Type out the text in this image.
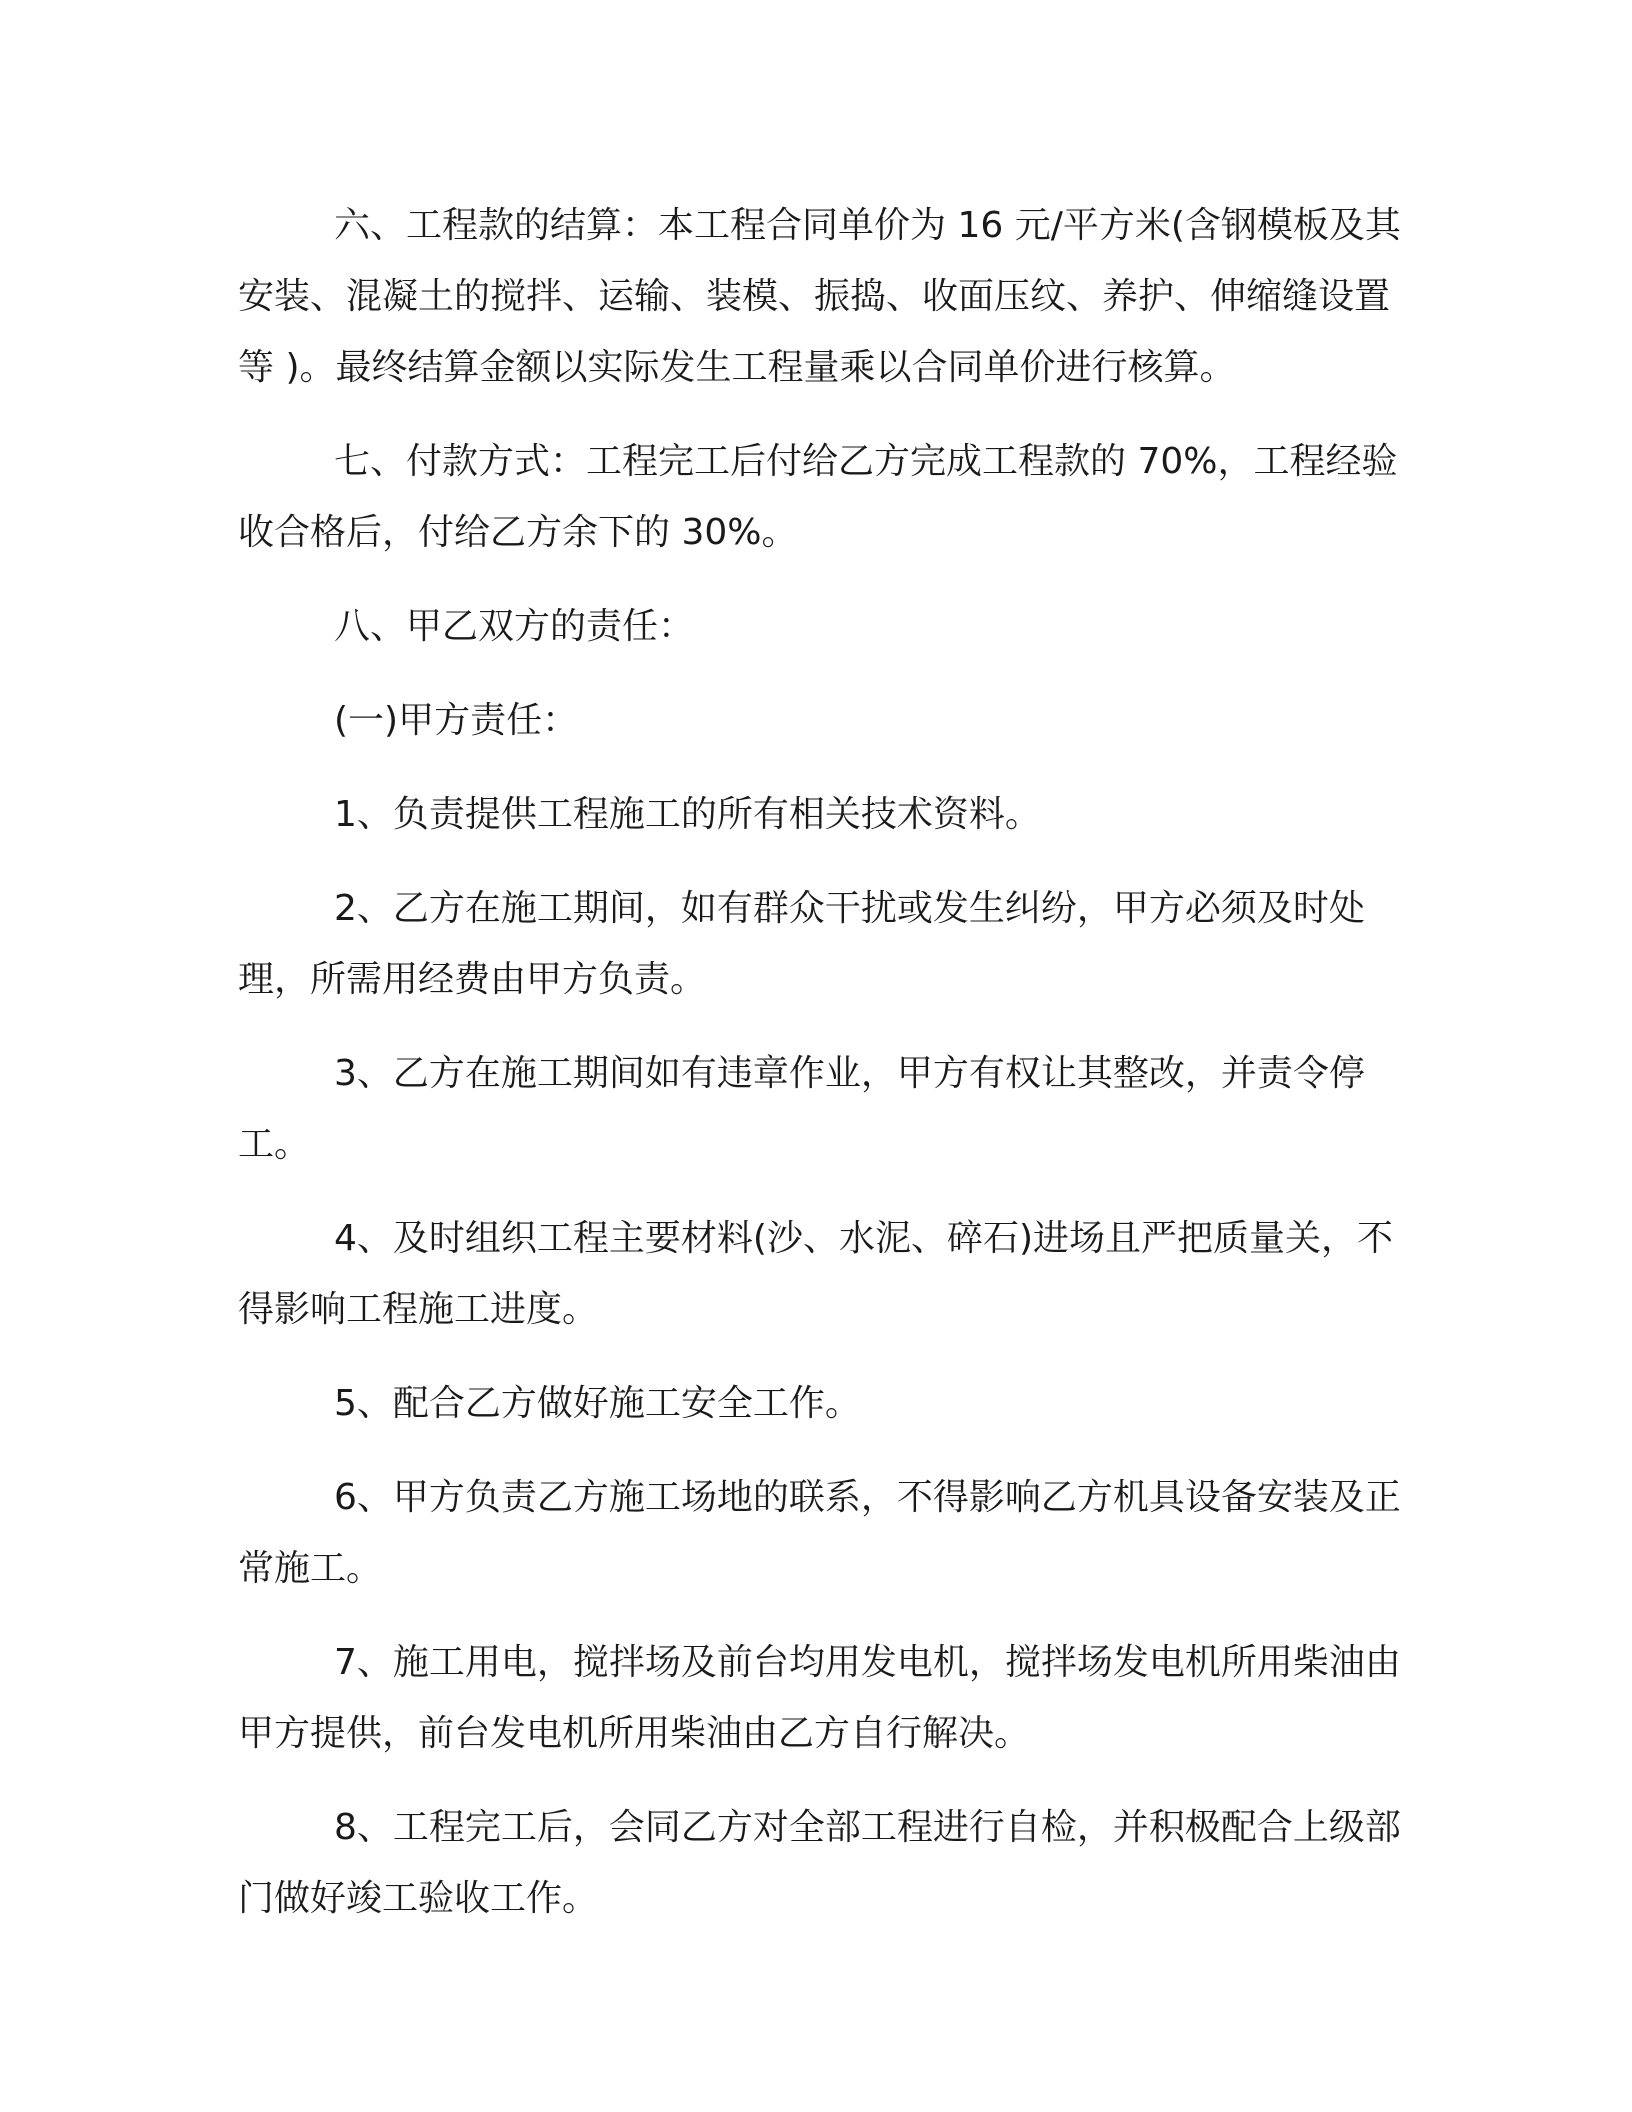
六、工程款的结算：本工程合同单价为 16 元/平方米(含钢模板及其安装、混凝土的搅拌、运输、装模、振捣、收面压纹、养护、伸缩缝设置等 )。最终结算金额以实际发生工程量乘以合同单价进行核算。

七、付款方式：工程完工后付给乙方完成工程款的 70%，工程经验收合格后，付给乙方余下的 30%。

八、甲乙双方的责任：

(一)甲方责任：

1、负责提供工程施工的所有相关技术资料。

2、乙方在施工期间，如有群众干扰或发生纠纷，甲方必须及时处理，所需用经费由甲方负责。

3、乙方在施工期间如有违章作业，甲方有权让其整改，并责令停工。

4、及时组织工程主要材料(沙、水泥、碎石)进场且严把质量关，不得影响工程施工进度。

5、配合乙方做好施工安全工作。

6、甲方负责乙方施工场地的联系，不得影响乙方机具设备安装及正常施工。

7、施工用电，搅拌场及前台均用发电机，搅拌场发电机所用柴油由甲方提供，前台发电机所用柴油由乙方自行解决。

8、工程完工后，会同乙方对全部工程进行自检，并积极配合上级部门做好竣工验收工作。
